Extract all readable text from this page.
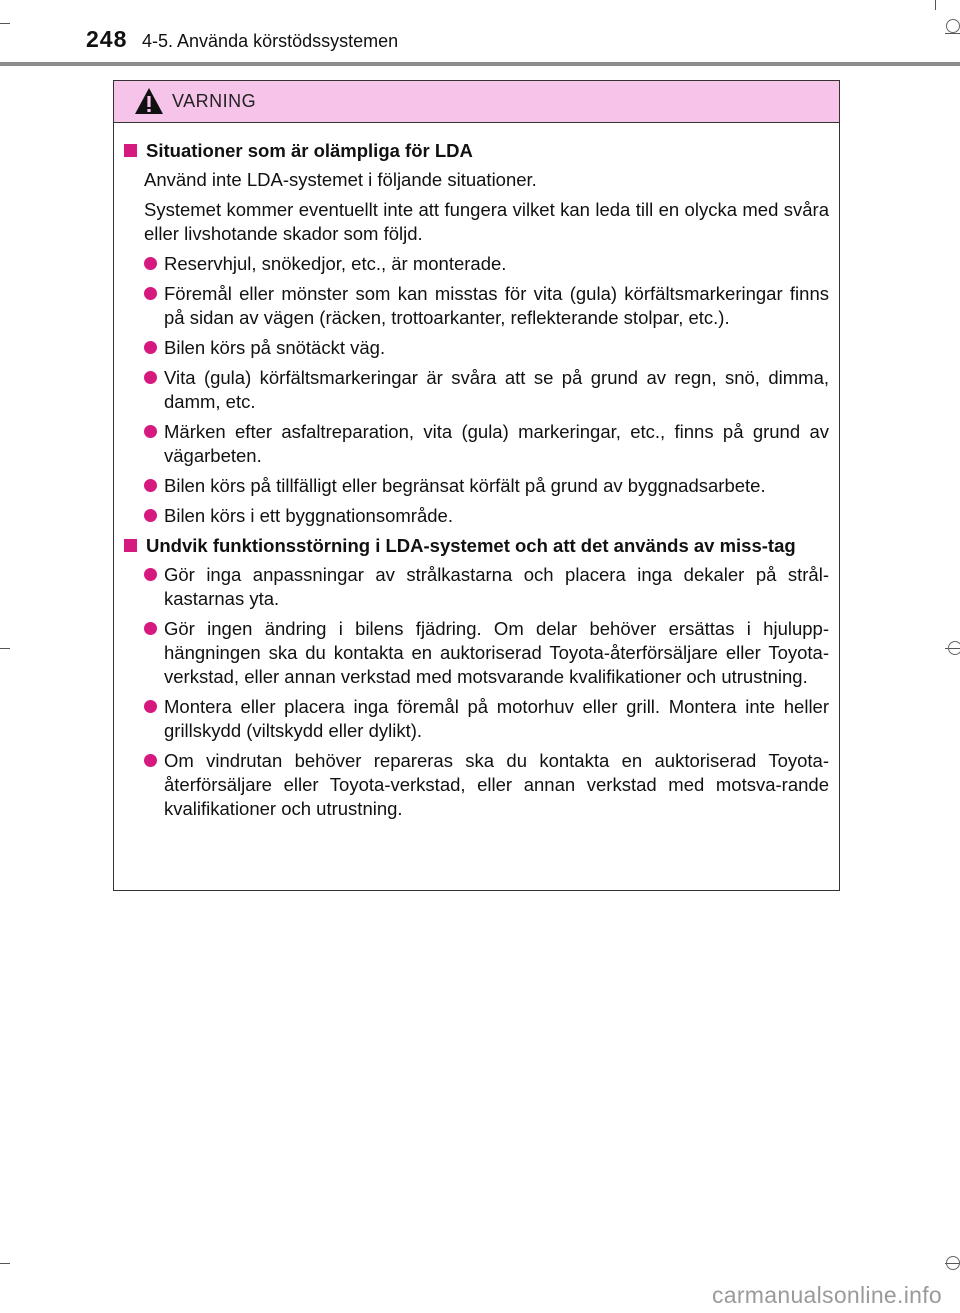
248 4-5. Använda körstödssystemen
VARNING
Situationer som är olämpliga för LDA
Använd inte LDA-systemet i följande situationer.
Systemet kommer eventuellt inte att fungera vilket kan leda till en olycka med svåra eller livshotande skador som följd.
Reservhjul, snökedjor, etc., är monterade.
Föremål eller mönster som kan misstas för vita (gula) körfältsmarkeringar finns på sidan av vägen (räcken, trottoarkanter, reflekterande stolpar, etc.).
Bilen körs på snötäckt väg.
Vita (gula) körfältsmarkeringar är svåra att se på grund av regn, snö, dimma, damm, etc.
Märken efter asfaltreparation, vita (gula) markeringar, etc., finns på grund av vägarbeten.
Bilen körs på tillfälligt eller begränsat körfält på grund av byggnadsarbete.
Bilen körs i ett byggnationsområde.
Undvik funktionsstörning i LDA-systemet och att det används av miss-tag
Gör inga anpassningar av strålkastarna och placera inga dekaler på strål-kastarnas yta.
Gör ingen ändring i bilens fjädring. Om delar behöver ersättas i hjulupp-hängningen ska du kontakta en auktoriserad Toyota-återförsäljare eller Toyota-verkstad, eller annan verkstad med motsvarande kvalifikationer och utrustning.
Montera eller placera inga föremål på motorhuv eller grill. Montera inte heller grillskydd (viltskydd eller dylikt).
Om vindrutan behöver repareras ska du kontakta en auktoriserad Toyota-återförsäljare eller Toyota-verkstad, eller annan verkstad med motsva-rande kvalifikationer och utrustning.
carmanualsonline.info
